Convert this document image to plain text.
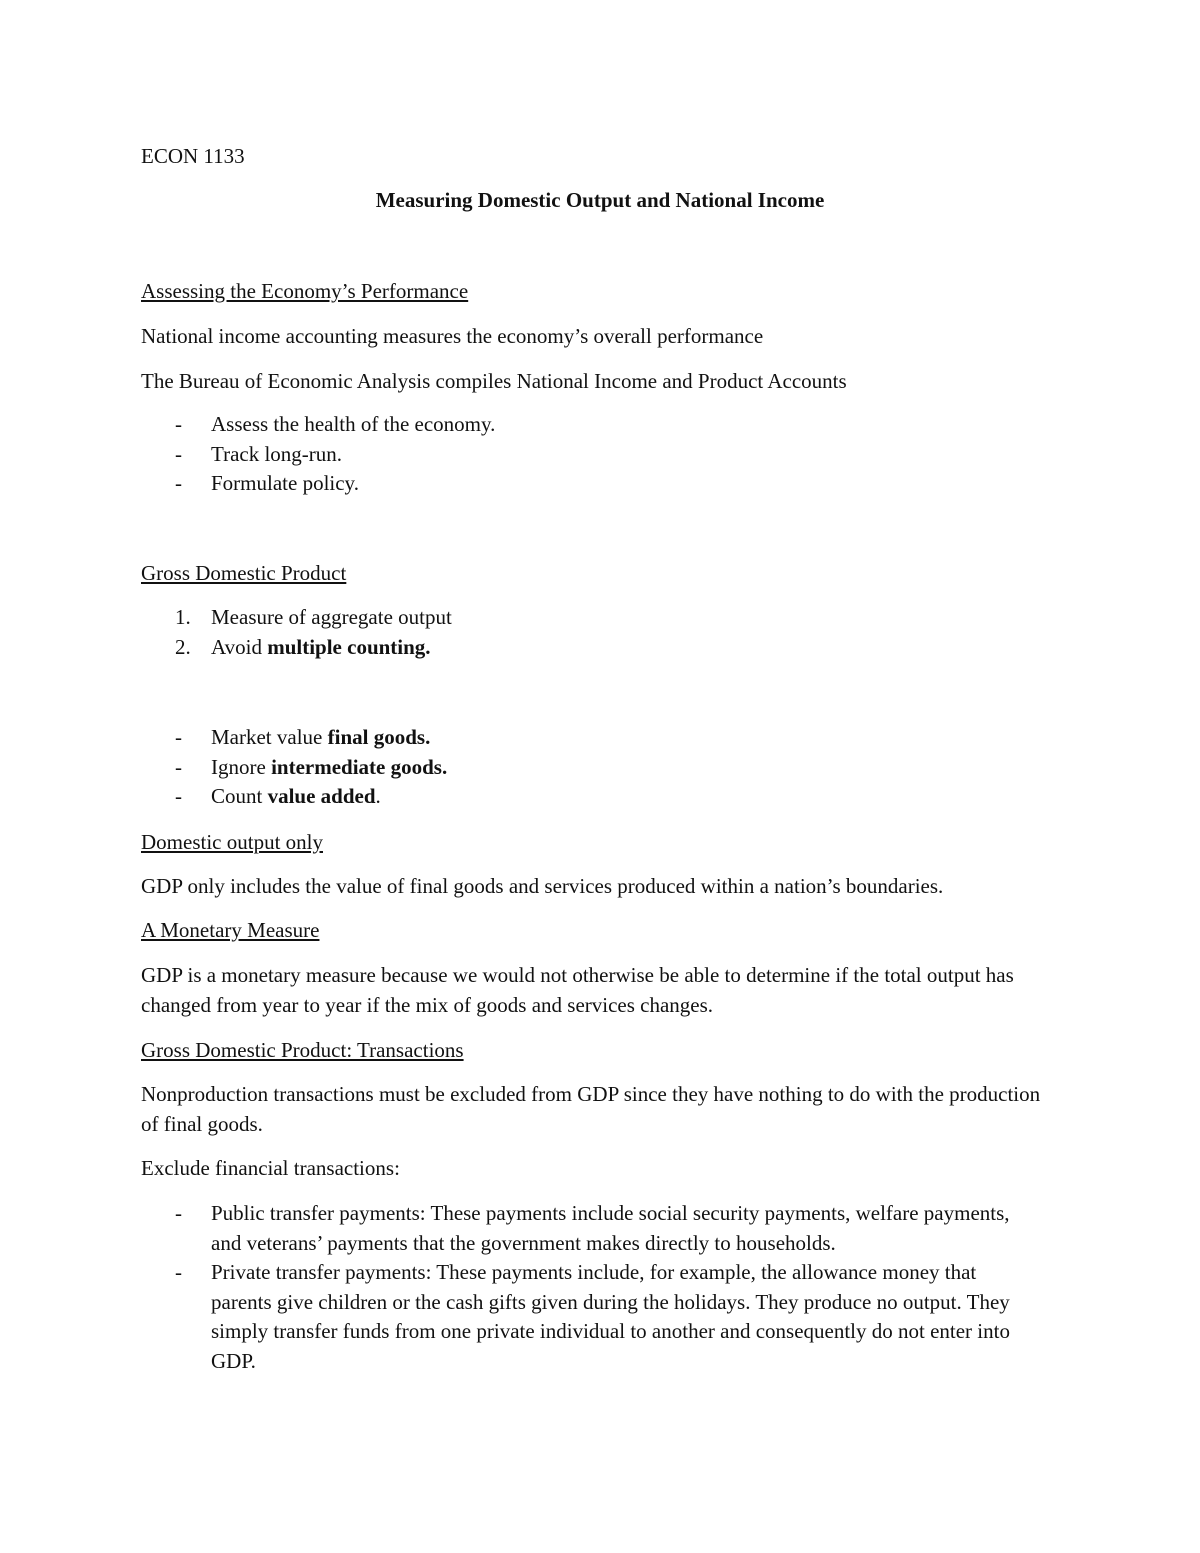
ECON 1133
Measuring Domestic Output and National Income
Assessing the Economy’s Performance
National income accounting measures the economy’s overall performance
The Bureau of Economic Analysis compiles National Income and Product Accounts
- Assess the health of the economy.
- Track long-run.
- Formulate policy.
Gross Domestic Product
1. Measure of aggregate output
2. Avoid multiple counting.
- Market value final goods.
- Ignore intermediate goods.
- Count value added.
Domestic output only
GDP only includes the value of final goods and services produced within a nation’s boundaries.
A Monetary Measure
GDP is a monetary measure because we would not otherwise be able to determine if the total output has changed from year to year if the mix of goods and services changes.
Gross Domestic Product: Transactions
Nonproduction transactions must be excluded from GDP since they have nothing to do with the production of final goods.
Exclude financial transactions:
- Public transfer payments: These payments include social security payments, welfare payments, and veterans’ payments that the government makes directly to households.
- Private transfer payments: These payments include, for example, the allowance money that parents give children or the cash gifts given during the holidays. They produce no output. They simply transfer funds from one private individual to another and consequently do not enter into GDP.
